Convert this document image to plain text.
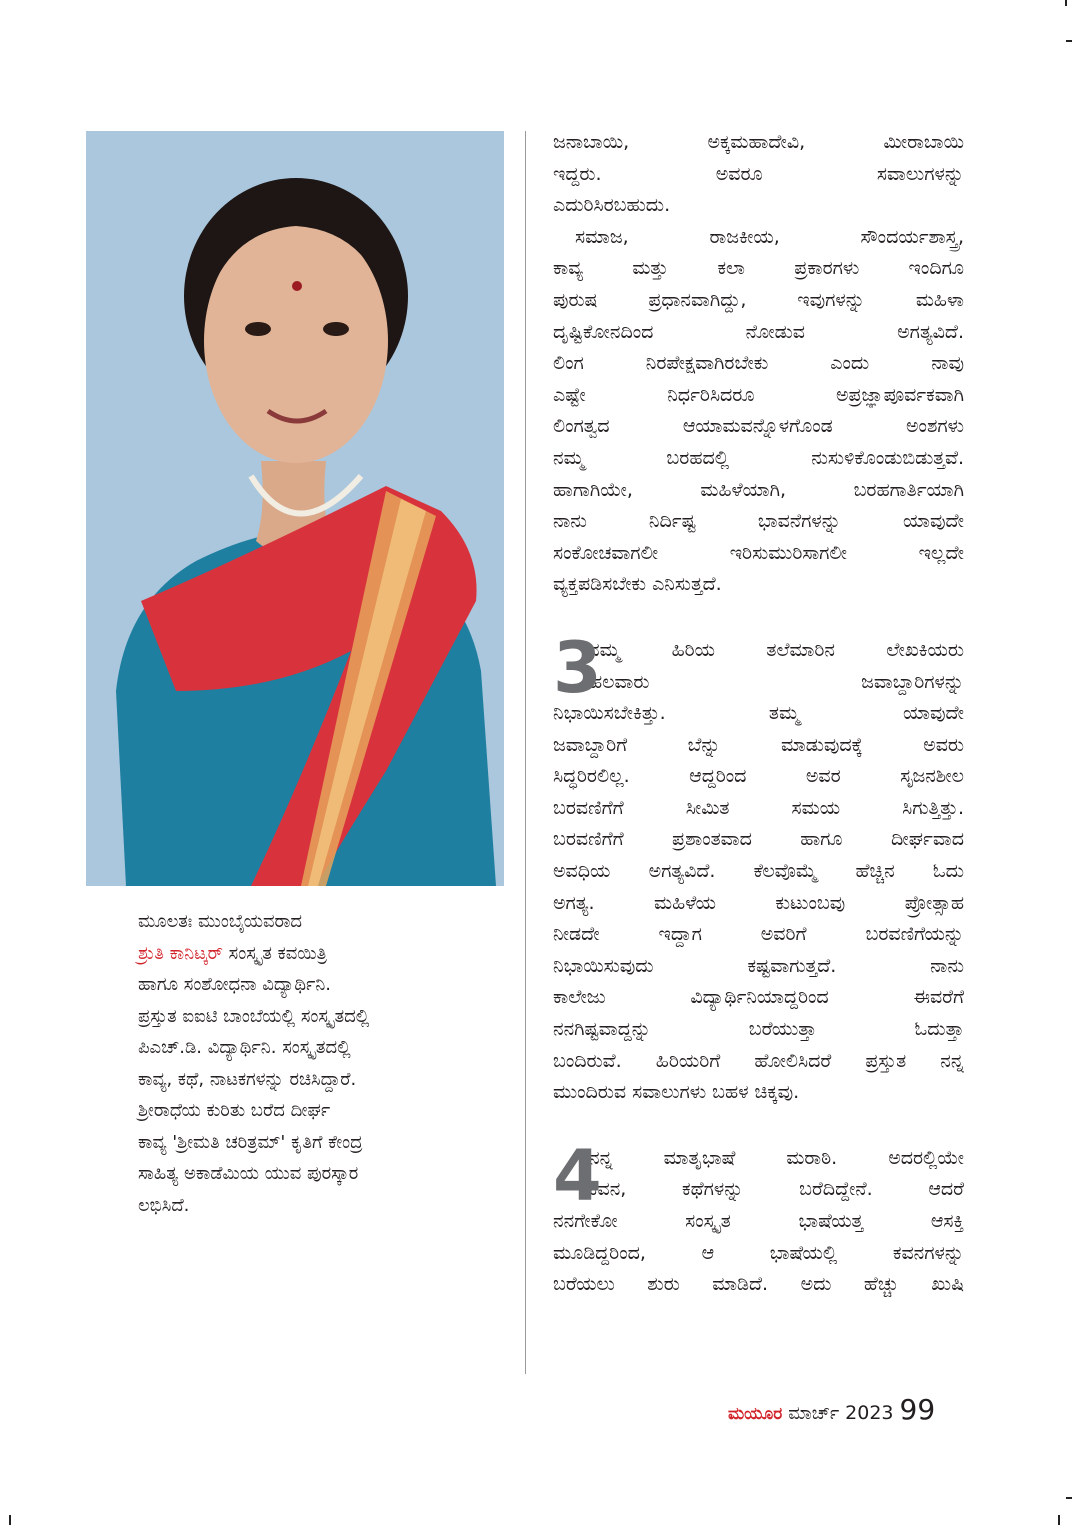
ಮೂಲತಃ ಮುಂಬೈಯವರಾದ
ಶ್ರುತಿ ಕಾನಿಟ್ಕರ್ ಸಂಸ್ಕೃತ ಕವಯಿತ್ರಿ
ಹಾಗೂ ಸಂಶೋಧನಾ ವಿದ್ಯಾರ್ಥಿನಿ.
ಪ್ರಸ್ತುತ ಐಐಟಿ ಬಾಂಬೆಯಲ್ಲಿ ಸಂಸ್ಕೃತದಲ್ಲಿ
ಪಿಎಚ್.ಡಿ. ವಿದ್ಯಾರ್ಥಿನಿ. ಸಂಸ್ಕೃತದಲ್ಲಿ
ಕಾವ್ಯ, ಕಥೆ, ನಾಟಕಗಳನ್ನು ರಚಿಸಿದ್ದಾರೆ.
ಶ್ರೀರಾಧೆಯ ಕುರಿತು ಬರೆದ ದೀರ್ಘ
ಕಾವ್ಯ 'ಶ್ರೀಮತಿ ಚರಿತ್ರಮ್' ಕೃತಿಗೆ ಕೇಂದ್ರ
ಸಾಹಿತ್ಯ ಅಕಾಡೆಮಿಯ ಯುವ ಪುರಸ್ಕಾರ
ಲಭಿಸಿದೆ.

ಜನಾಬಾಯಿ, ಅಕ್ಕಮಹಾದೇವಿ, ಮೀರಾಬಾಯಿ
ಇದ್ದರು. ಅವರೂ ಸವಾಲುಗಳನ್ನು
ಎದುರಿಸಿರಬಹುದು.

ಸಮಾಜ, ರಾಜಕೀಯ, ಸೌಂದರ್ಯಶಾಸ್ತ್ರ,
ಕಾವ್ಯ ಮತ್ತು ಕಲಾ ಪ್ರಕಾರಗಳು ಇಂದಿಗೂ
ಪುರುಷ ಪ್ರಧಾನವಾಗಿದ್ದು, ಇವುಗಳನ್ನು ಮಹಿಳಾ
ದೃಷ್ಟಿಕೋನದಿಂದ ನೋಡುವ ಅಗತ್ಯವಿದೆ.
ಲಿಂಗ ನಿರಪೇಕ್ಷವಾಗಿರಬೇಕು ಎಂದು ನಾವು
ಎಷ್ಟೇ ನಿರ್ಧರಿಸಿದರೂ ಅಪ್ರಜ್ಞಾಪೂರ್ವಕವಾಗಿ
ಲಿಂಗತ್ವದ ಆಯಾಮವನ್ನೊಳಗೊಂಡ ಅಂಶಗಳು
ನಮ್ಮ ಬರಹದಲ್ಲಿ ನುಸುಳಿಕೊಂಡುಬಿಡುತ್ತವೆ.
ಹಾಗಾಗಿಯೇ, ಮಹಿಳೆಯಾಗಿ, ಬರಹಗಾರ್ತಿಯಾಗಿ
ನಾನು ನಿರ್ದಿಷ್ಟ ಭಾವನೆಗಳನ್ನು ಯಾವುದೇ
ಸಂಕೋಚವಾಗಲೀ ಇರಿಸುಮುರಿಸಾಗಲೀ ಇಲ್ಲದೇ
ವ್ಯಕ್ತಪಡಿಸಬೇಕು ಎನಿಸುತ್ತದೆ.

3
ನಮ್ಮ ಹಿರಿಯ ತಲೆಮಾರಿನ ಲೇಖಕಿಯರು
ಹಲವಾರು ಜವಾಬ್ದಾರಿಗಳನ್ನು
ನಿಭಾಯಿಸಬೇಕಿತ್ತು. ತಮ್ಮ ಯಾವುದೇ
ಜವಾಬ್ದಾರಿಗೆ ಬೆನ್ನು ಮಾಡುವುದಕ್ಕೆ ಅವರು
ಸಿದ್ಧರಿರಲಿಲ್ಲ. ಆದ್ದರಿಂದ ಅವರ ಸೃಜನಶೀಲ
ಬರವಣಿಗೆಗೆ ಸೀಮಿತ ಸಮಯ ಸಿಗುತ್ತಿತ್ತು.
ಬರವಣಿಗೆಗೆ ಪ್ರಶಾಂತವಾದ ಹಾಗೂ ದೀರ್ಘವಾದ
ಅವಧಿಯ ಅಗತ್ಯವಿದೆ. ಕೆಲವೊಮ್ಮೆ ಹೆಚ್ಚಿನ ಓದು
ಅಗತ್ಯ. ಮಹಿಳೆಯ ಕುಟುಂಬವು ಪ್ರೋತ್ಸಾಹ
ನೀಡದೇ ಇದ್ದಾಗ ಅವರಿಗೆ ಬರವಣಿಗೆಯನ್ನು
ನಿಭಾಯಿಸುವುದು ಕಷ್ಟವಾಗುತ್ತದೆ. ನಾನು
ಕಾಲೇಜು ವಿದ್ಯಾರ್ಥಿನಿಯಾದ್ದರಿಂದ ಈವರೆಗೆ
ನನಗಿಷ್ಟವಾದ್ದನ್ನು ಬರೆಯುತ್ತಾ ಓದುತ್ತಾ
ಬಂದಿರುವೆ. ಹಿರಿಯರಿಗೆ ಹೋಲಿಸಿದರೆ ಪ್ರಸ್ತುತ ನನ್ನ
ಮುಂದಿರುವ ಸವಾಲುಗಳು ಬಹಳ ಚಿಕ್ಕವು.
4
ನನ್ನ ಮಾತೃಭಾಷೆ ಮರಾಠಿ. ಅದರಲ್ಲಿಯೇ
ಕವನ, ಕಥೆಗಳನ್ನು ಬರೆದಿದ್ದೇನೆ. ಆದರೆ
ನನಗೇಕೋ ಸಂಸ್ಕೃತ ಭಾಷೆಯತ್ತ ಆಸಕ್ತಿ
ಮೂಡಿದ್ದರಿಂದ, ಆ ಭಾಷೆಯಲ್ಲಿ ಕವನಗಳನ್ನು
ಬರೆಯಲು ಶುರು ಮಾಡಿದೆ. ಅದು ಹೆಚ್ಚು ಖುಷಿ
ಮಯೂರ ಮಾರ್ಚ್ 2023 99
